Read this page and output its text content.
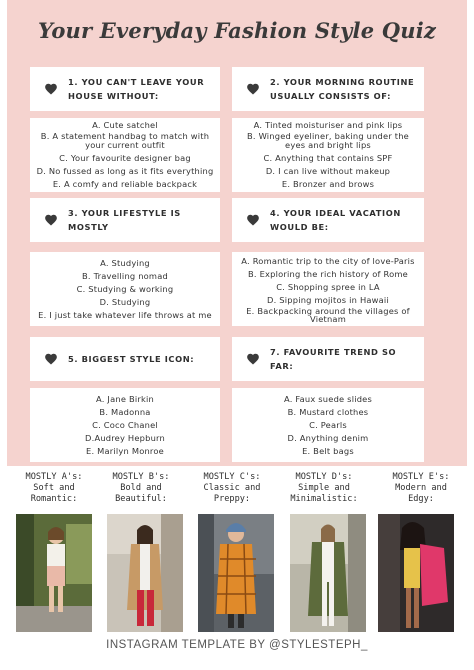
Your Everyday Fashion Style Quiz
1. YOU CAN'T LEAVE YOUR HOUSE WITHOUT:
A. Cute satchel
B. A statement handbag to match with your current outfit
C. Your favourite designer bag
D. No fussed as long as it fits everything
E. A comfy and reliable backpack
2. YOUR MORNING ROUTINE USUALLY CONSISTS OF:
A. Tinted moisturiser and pink lips
B. Winged eyeliner, baking under the eyes and bright lips
C. Anything that contains SPF
D. I can live without makeup
E. Bronzer and brows
3. YOUR LIFESTYLE IS MOSTLY
A. Studying
B. Travelling nomad
C. Studying & working
D. Studying
E. I just take whatever life throws at me
4. YOUR IDEAL VACATION WOULD BE:
A. Romantic trip to the city of love-Paris
B. Exploring the rich history of Rome
C. Shopping spree in LA
D. Sipping mojitos in Hawaii
E. Backpacking around the villages of Vietnam
5. BIGGEST STYLE ICON:
A. Jane Birkin
B. Madonna
C. Coco Chanel
D.Audrey Hepburn
E. Marilyn Monroe
7. FAVOURITE TREND SO FAR:
A. Faux suede slides
B. Mustard clothes
C. Pearls
D. Anything denim
E. Belt bags
MOSTLY A's:
Soft and Romantic:
MOSTLY B's:
Bold and Beautiful:
MOSTLY C's:
Classic and Preppy:
MOSTLY D's:
Simple and Minimalistic:
MOSTLY E's:
Modern and Edgy:
INSTAGRAM TEMPLATE BY @STYLESTEPH_
